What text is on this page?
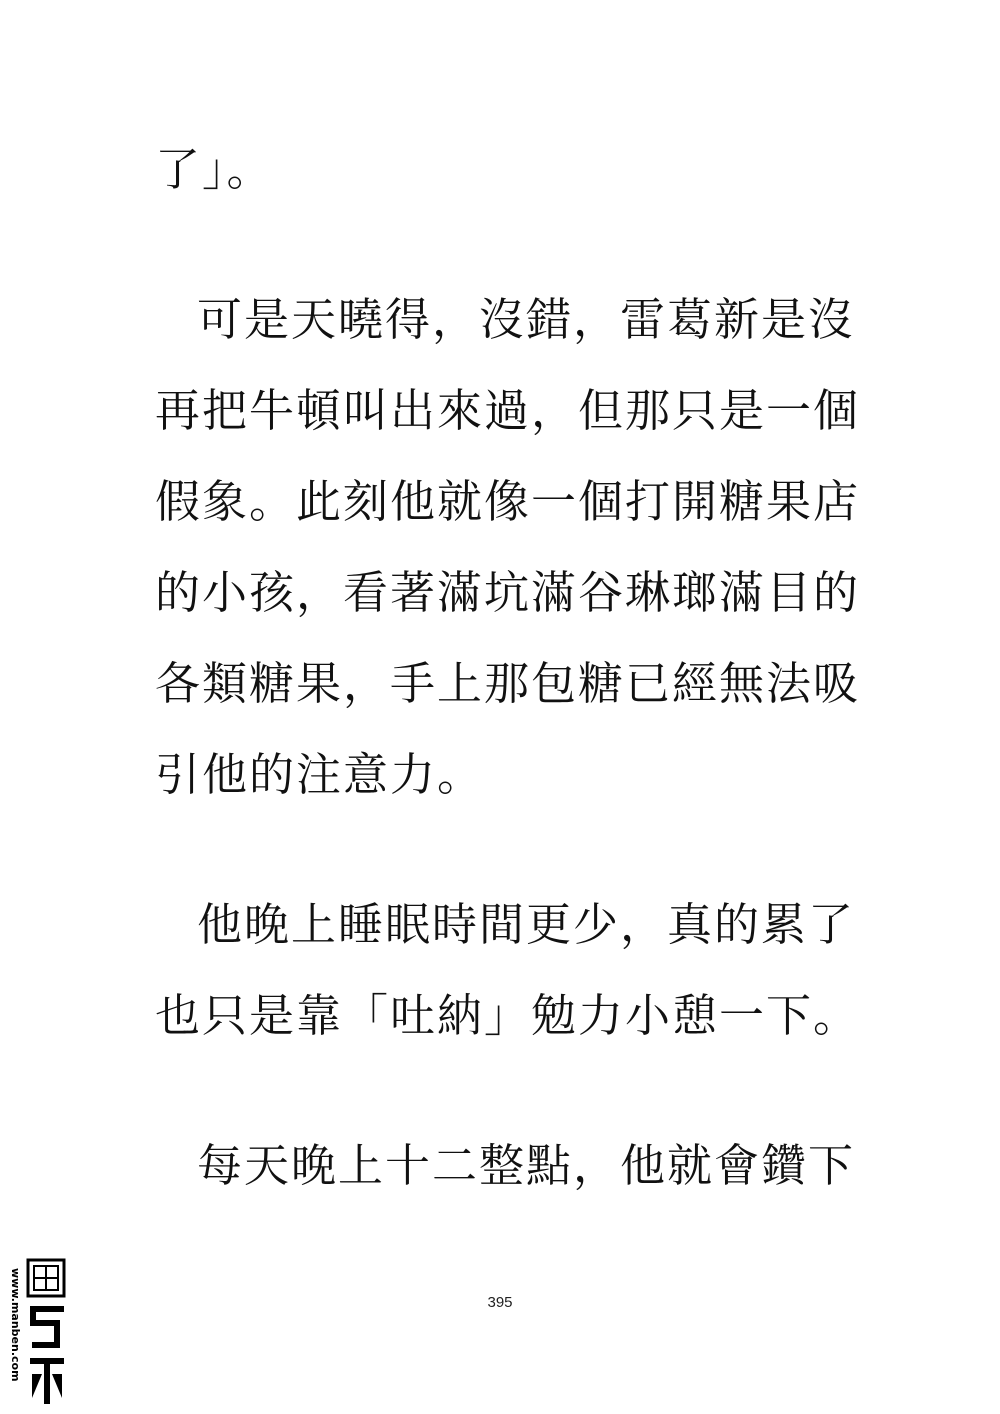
了」。
可是天曉得，沒錯，雷葛新是沒
再把牛頓叫出來過，但那只是一個
假象。此刻他就像一個打開糖果店
的小孩，看著滿坑滿谷琳瑯滿目的
各類糖果，手上那包糖已經無法吸
引他的注意力。
他晚上睡眠時間更少，真的累了
也只是靠「吐納」勉力小憩一下。
每天晚上十二整點，他就會鑽下
395
www.manben.com
